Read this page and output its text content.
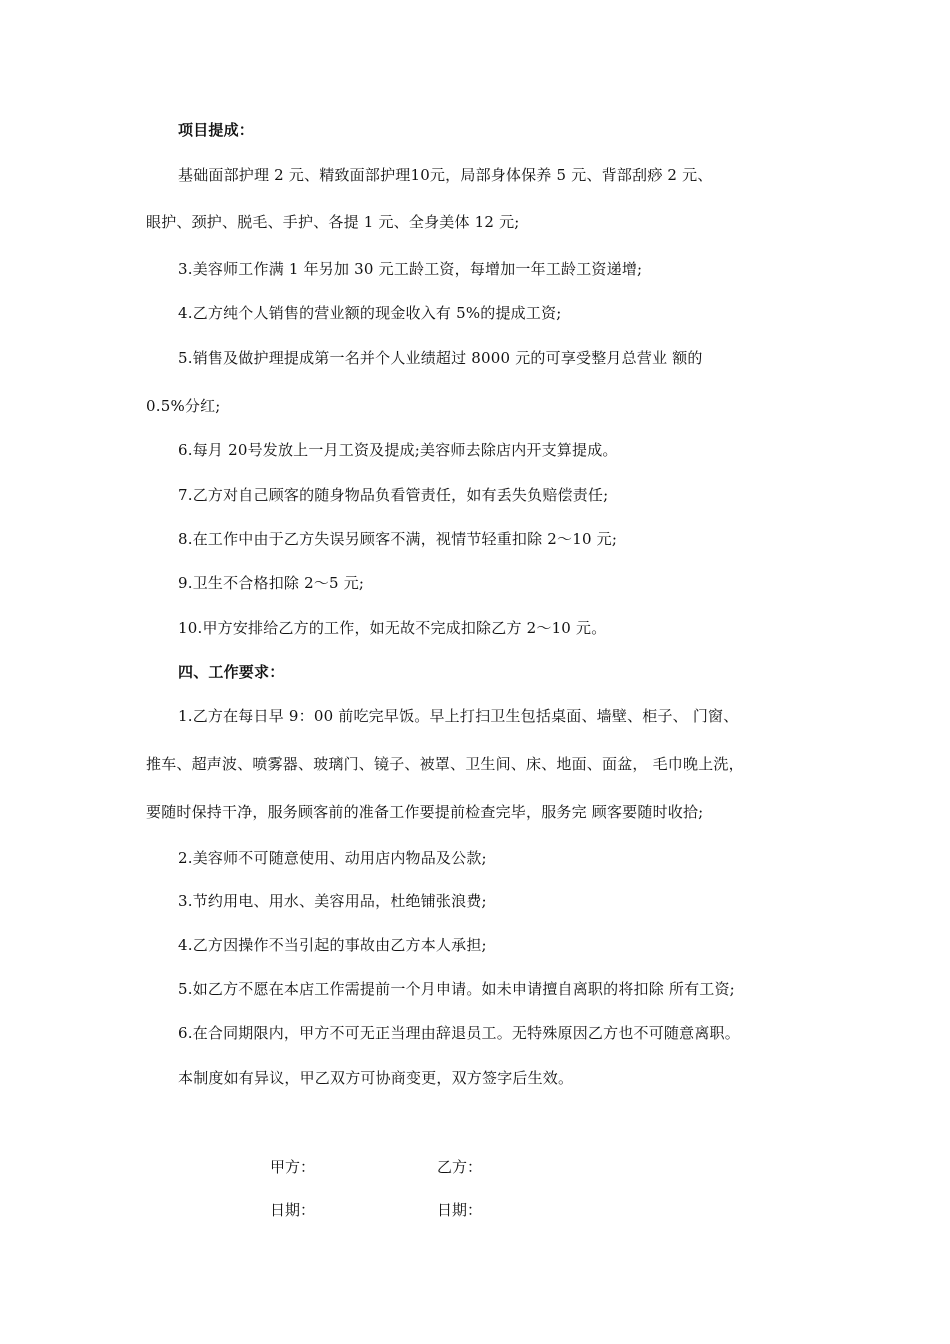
项目提成：
基础面部护理 2 元、精致面部护理10元，局部身体保养 5 元、背部刮痧 2 元、
眼护、颈护、脱毛、手护、各提 1 元、全身美体 12 元;
3.美容师工作满 1 年另加 30 元工龄工资，每增加一年工龄工资递增;
4.乙方纯个人销售的营业额的现金收入有 5%的提成工资;
5.销售及做护理提成第一名并个人业绩超过 8000 元的可享受整月总营业 额的
0.5%分红;
6.每月 20号发放上一月工资及提成;美容师去除店内开支算提成。
7.乙方对自己顾客的随身物品负看管责任，如有丢失负赔偿责任;
8.在工作中由于乙方失误另顾客不满，视情节轻重扣除 2～10 元;
9.卫生不合格扣除 2～5 元;
10.甲方安排给乙方的工作，如无故不完成扣除乙方 2～10 元。
四、工作要求：
1.乙方在每日早 9：00 前吃完早饭。早上打扫卫生包括桌面、墙壁、柜子、 门窗、
推车、超声波、喷雾器、玻璃门、镜子、被罩、卫生间、床、地面、面盆， 毛巾晚上洗，
要随时保持干净，服务顾客前的准备工作要提前检查完毕，服务完 顾客要随时收拾;
2.美容师不可随意使用、动用店内物品及公款;
3.节约用电、用水、美容用品，杜绝铺张浪费;
4.乙方因操作不当引起的事故由乙方本人承担;
5.如乙方不愿在本店工作需提前一个月申请。如未申请擅自离职的将扣除 所有工资;
6.在合同期限内，甲方不可无正当理由辞退员工。无特殊原因乙方也不可随意离职。
本制度如有异议，甲乙双方可协商变更，双方签字后生效。
甲方：	乙方：
日期：	日期：
